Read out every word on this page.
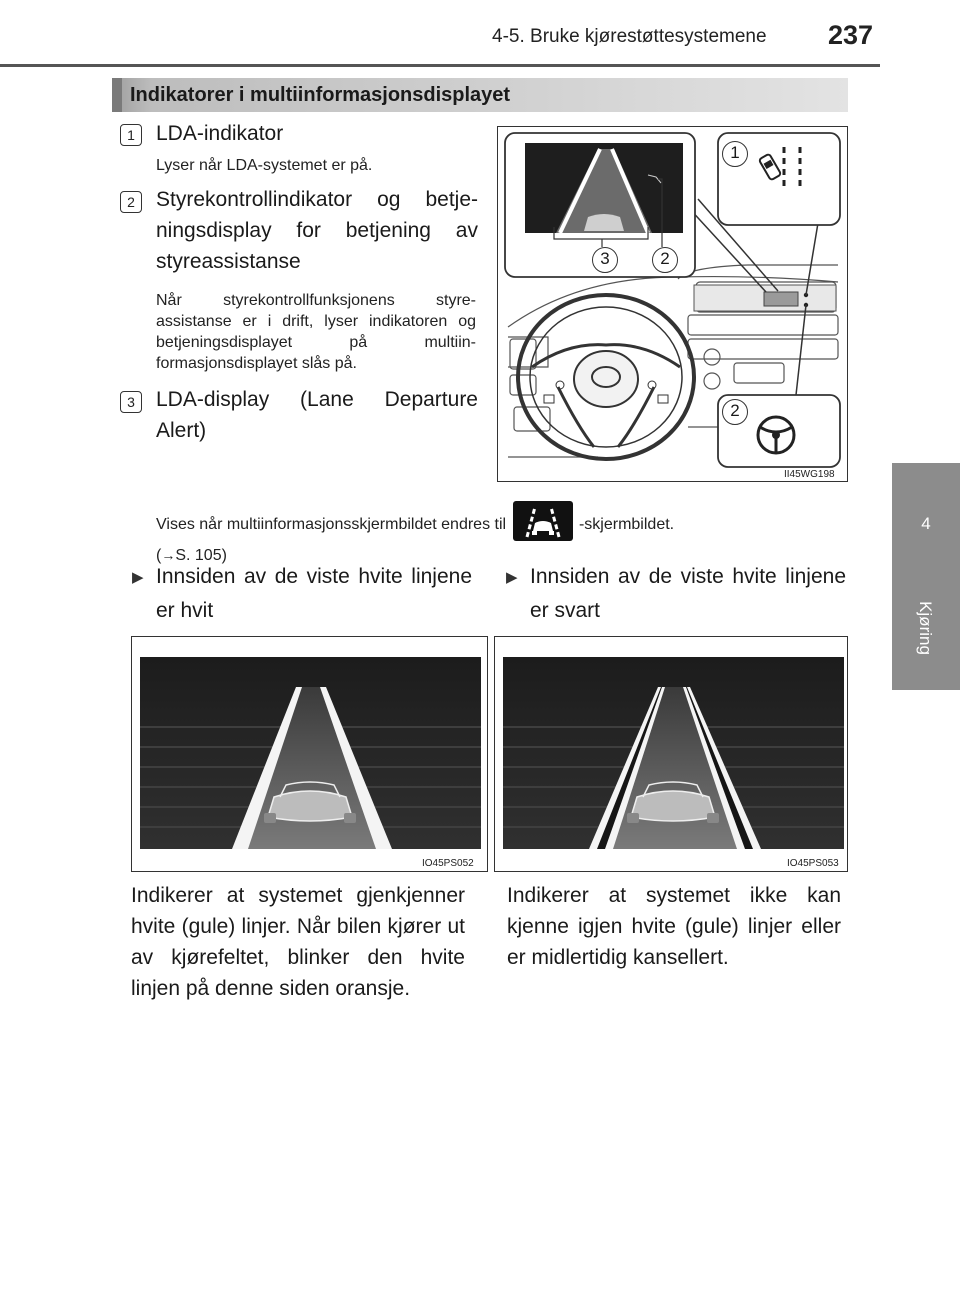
4-5. Bruke kjørestøttesystemene 237
4
Kjøring
Indikatorer i multiinformasjonsdisplayet
1	LDA-indikator
Lyser når LDA-systemet er på.
2	Styrekontrollindikator og betje-ningsdisplay for betjening av styreassistanse
Når styrekontrollfunksjonens styre-assistanse er i drift, lyser indikatoren og betjeningsdisplayet på multiin-formasjonsdisplayet slås på.
3	LDA-display (Lane Departure Alert)
Vises når multiinformasjonsskjermbildet endres til	-skjermbildet.
(→S. 105)
1
3	2
2
II45WG198
▶ Innsiden av de viste hvite linjene er hvit
▶ Innsiden av de viste hvite linjene er svart
IO45PS052	IO45PS053
Indikerer at systemet gjenkjenner hvite (gule) linjer. Når bilen kjører ut av kjørefeltet, blinker den hvite linjen på denne siden oransje.
Indikerer at systemet ikke kan kjenne igjen hvite (gule) linjer eller er midlertidig kansellert.
